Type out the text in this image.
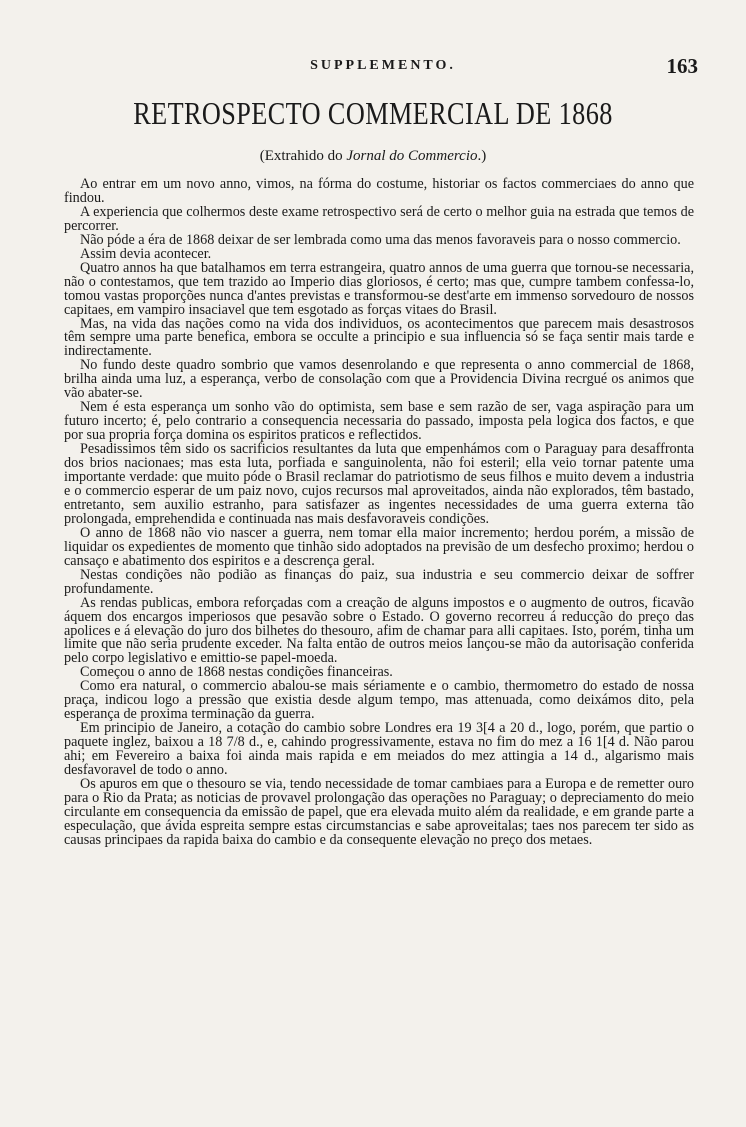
SUPPLEMENTO.	163
RETROSPECTO COMMERCIAL DE 1868
(Extrahido do Jornal do Commercio.)

Ao entrar em um novo anno, vimos, na fórma do costume, historiar os factos commerciaes do anno que findou.

A experiencia que colhermos deste exame retrospectivo será de certo o melhor guia na estrada que temos de percorrer.

Não póde a éra de 1868 deixar de ser lembrada como uma das menos favoraveis para o nosso commercio.

Assim devia acontecer.

Quatro annos ha que batalhamos em terra estrangeira, quatro annos de uma guerra que tornou-se necessaria, não o contestamos, que tem trazido ao Imperio dias gloriosos, é certo; mas que, cumpre tambem confessa-lo, tomou vastas proporções nunca d'antes previstas e transformou-se dest'arte em immenso sorvedouro de nossos capitaes, em vampiro insaciavel que tem esgotado as forças vitaes do Brasil.

Mas, na vida das nações como na vida dos individuos, os acontecimentos que parecem mais desastrosos têm sempre uma parte benefica, embora se occulte a principio e sua influencia só se faça sentir mais tarde e indirectamente.

No fundo deste quadro sombrio que vamos desenrolando e que representa o anno commercial de 1868, brilha ainda uma luz, a esperança, verbo de consolação com que a Providencia Divina recrgué os animos que vão abater-se.

Nem é esta esperança um sonho vão do optimista, sem base e sem razão de ser, vaga aspiração para um futuro incerto; é, pelo contrario a consequencia necessaria do passado, imposta pela logica dos factos, e que por sua propria força domina os espiritos praticos e reflectidos.

Pesadissimos têm sido os sacrificios resultantes da luta que empenhámos com o Paraguay para desaffronta dos brios nacionaes; mas esta luta, porfiada e sanguinolenta, não foi esteril; ella veio tornar patente uma importante verdade: que muito póde o Brasil reclamar do patriotismo de seus filhos e muito devem a industria e o commercio esperar de um paiz novo, cujos recursos mal aproveitados, ainda não explorados, têm bastado, entretanto, sem auxilio estranho, para satisfazer as ingentes necessidades de uma guerra externa tão prolongada, emprehendida e continuada nas mais desfavoraveis condições.

O anno de 1868 não vio nascer a guerra, nem tomar ella maior incremento; herdou porém, a missão de liquidar os expedientes de momento que tinhão sido adoptados na previsão de um desfecho proximo; herdou o cansaço e abatimento dos espiritos e a descrença geral.

Nestas condições não podião as finanças do paiz, sua industria e seu commercio deixar de soffrer profundamente.

As rendas publicas, embora reforçadas com a creação de alguns impostos e o augmento de outros, ficavão áquem dos encargos imperiosos que pesavão sobre o Estado. O governo recorreu á reducção do preço das apolices e á elevação do juro dos bilhetes do thesouro, afim de chamar para alli capitaes. Isto, porém, tinha um limite que não seria prudente exceder. Na falta então de outros meios lançou-se mão da autorisação conferida pelo corpo legislativo e emittio-se papel-moeda.

Começou o anno de 1868 nestas condições financeiras.

Como era natural, o commercio abalou-se mais sériamente e o cambio, thermometro do estado de nossa praça, indicou logo a pressão que existia desde algum tempo, mas attenuada, como deixámos dito, pela esperança de proxima terminação da guerra.

Em principio de Janeiro, a cotação do cambio sobre Londres era 19 3[4 a 20 d., logo, porém, que partio o paquete inglez, baixou a 18 7/8 d., e, cahindo progressivamente, estava no fim do mez a 16 1[4 d. Não parou ahi; em Fevereiro a baixa foi ainda mais rapida e em meiados do mez attingia a 14 d., algarismo mais desfavoravel de todo o anno.

Os apuros em que o thesouro se via, tendo necessidade de tomar cambiaes para a Europa e de remetter ouro para o Rio da Prata; as noticias de provavel prolongação das operações no Paraguay; o depreciamento do meio circulante em consequencia da emissão de papel, que era elevada muito além da realidade, e em grande parte a especulação, que ávida espreita sempre estas circumstancias e sabe aproveitalas; taes nos parecem ter sido as causas principaes da rapida baixa do cambio e da consequente elevação no preço dos metaes.
